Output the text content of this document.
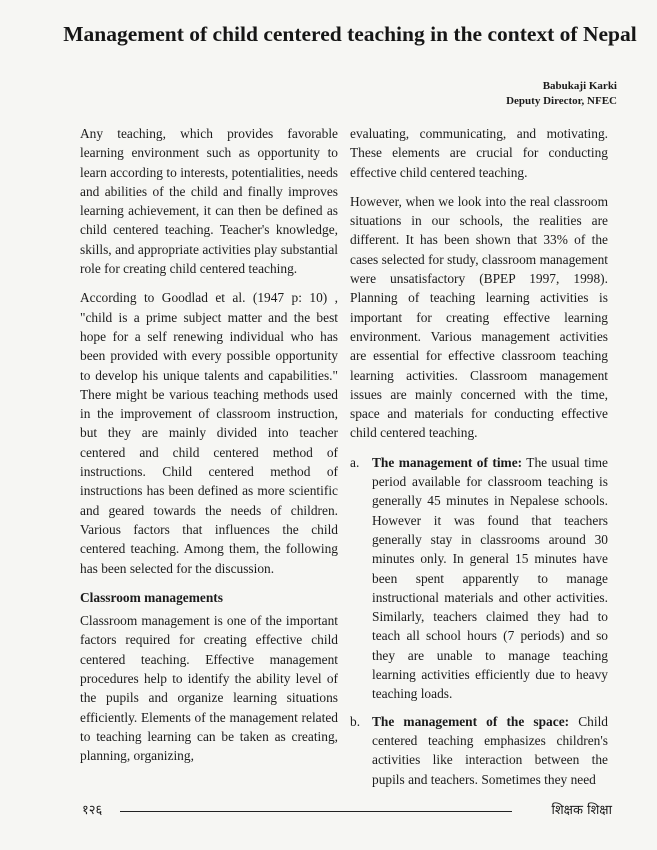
Management of child centered teaching in the context of Nepal
Babukaji Karki
Deputy Director, NFEC

Any teaching, which provides favorable learning environment such as opportunity to learn according to interests, potentialities, needs and abilities of the child and finally improves learning achievement, it can then be defined as child centered teaching. Teacher's knowledge, skills, and appropriate activities play substantial role for creating child centered teaching.

According to Goodlad et al. (1947 p: 10) , "child is a prime subject matter and the best hope for a self renewing individual who has been provided with every possible opportunity to develop his unique talents and capabilities." There might be various teaching methods used in the improvement of classroom instruction, but they are mainly divided into teacher centered and child centered method of instructions. Child centered method of instructions has been defined as more scientific and geared towards the needs of children. Various factors that influences the child centered teaching. Among them, the following has been selected for the discussion.

Classroom managements

Classroom management is one of the important factors required for creating effective child centered teaching. Effective management procedures help to identify the ability level of the pupils and organize learning situations efficiently. Elements of the management related to teaching learning can be taken as creating, planning, organizing,

evaluating, communicating, and motivating. These elements are crucial for conducting effective child centered teaching.

However, when we look into the real classroom situations in our schools, the realities are different. It has been shown that 33% of the cases selected for study, classroom management were unsatisfactory (BPEP 1997, 1998). Planning of teaching learning activities is important for creating effective learning environment. Various management activities are essential for effective classroom teaching learning activities. Classroom management issues are mainly concerned with the time, space and materials for conducting effective child centered teaching.

a. The management of time: The usual time period available for classroom teaching is generally 45 minutes in Nepalese schools. However it was found that teachers generally stay in classrooms around 30 minutes only. In general 15 minutes have been spent apparently to manage instructional materials and other activities. Similarly, teachers claimed they had to teach all school hours (7 periods) and so they are unable to manage teaching learning activities efficiently due to heavy teaching loads.
b. The management of the space: Child centered teaching emphasizes children's activities like interaction between the pupils and teachers. Sometimes they need
१२६	शिक्षक शिक्षा
